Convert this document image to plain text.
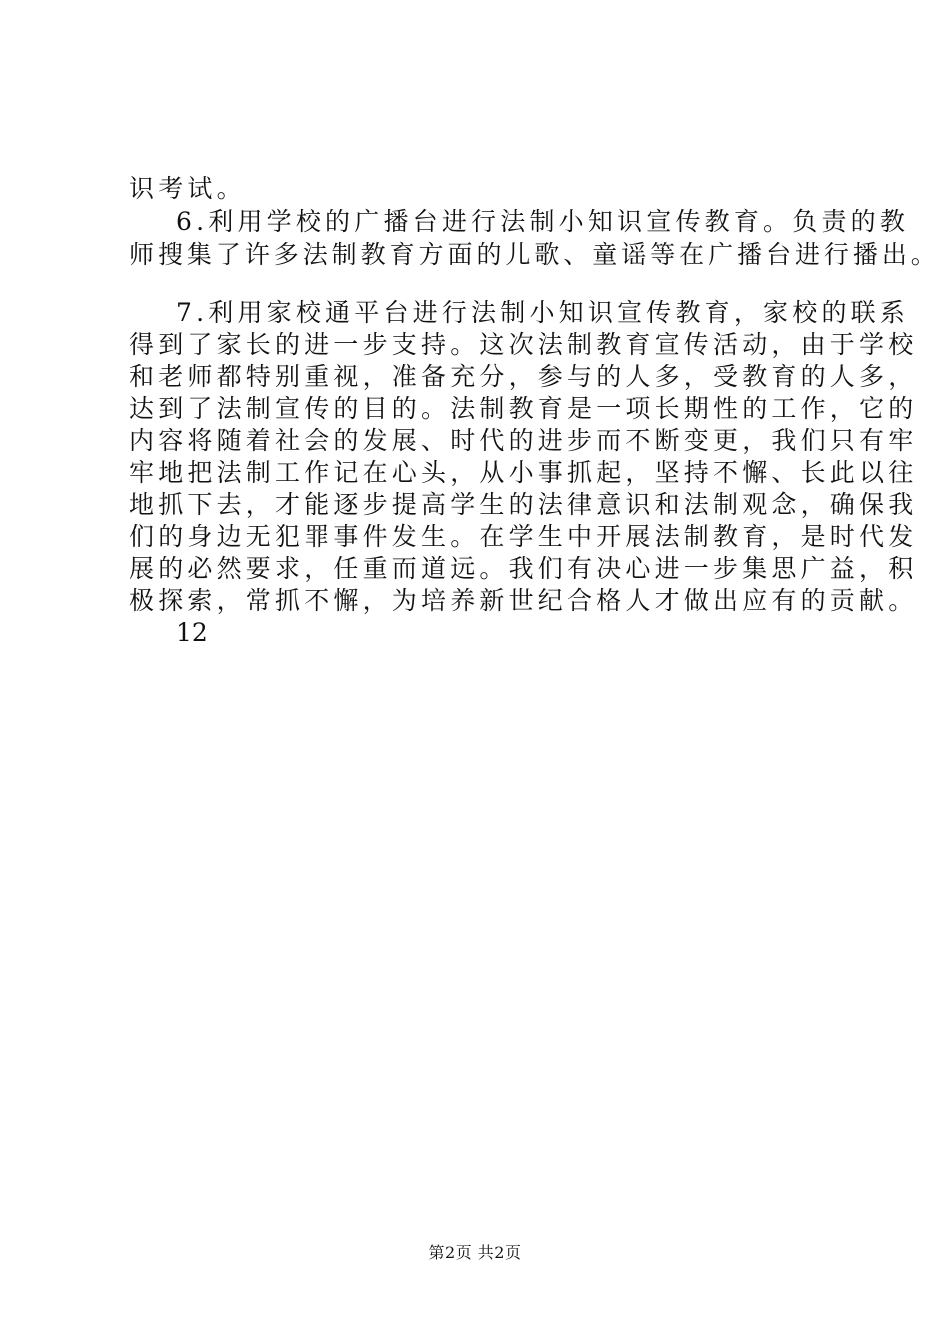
识考试。
6.利用学校的广播台进行法制小知识宣传教育。负责的教
师搜集了许多法制教育方面的儿歌、童谣等在广播台进行播出。
7.利用家校通平台进行法制小知识宣传教育，家校的联系
得到了家长的进一步支持。这次法制教育宣传活动，由于学校
和老师都特别重视，准备充分，参与的人多，受教育的人多，
达到了法制宣传的目的。法制教育是一项长期性的工作，它的
内容将随着社会的发展、时代的进步而不断变更，我们只有牢
牢地把法制工作记在心头，从小事抓起，坚持不懈、长此以往
地抓下去，才能逐步提高学生的法律意识和法制观念，确保我
们的身边无犯罪事件发生。在学生中开展法制教育，是时代发
展的必然要求，任重而道远。我们有决心进一步集思广益，积
极探索，常抓不懈，为培养新世纪合格人才做出应有的贡献。
12
第2页 共2页
